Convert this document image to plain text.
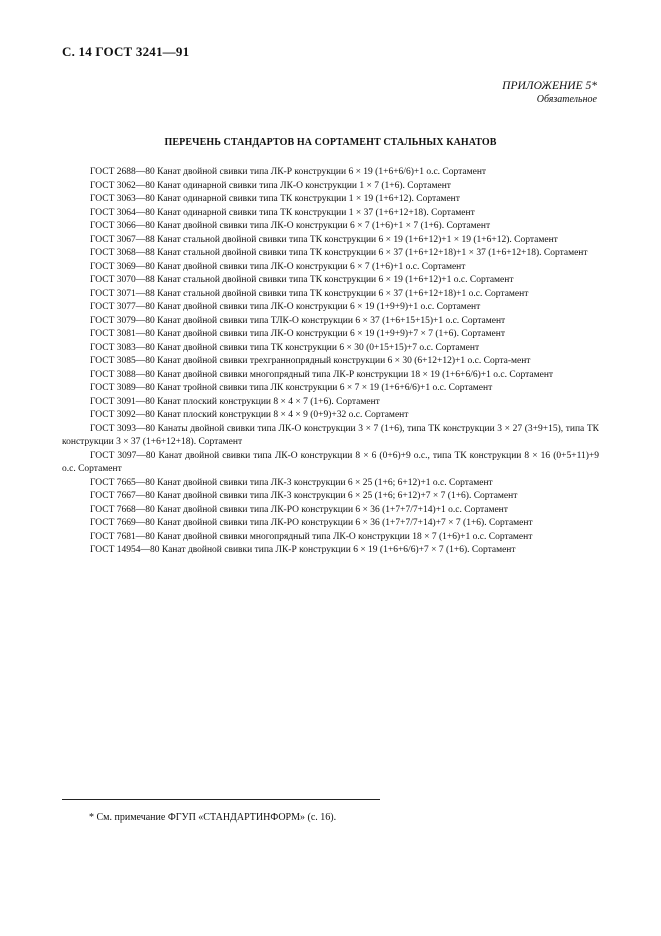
С. 14 ГОСТ 3241—91
ПРИЛОЖЕНИЕ 5*
Обязательное
ПЕРЕЧЕНЬ СТАНДАРТОВ НА СОРТАМЕНТ СТАЛЬНЫХ КАНАТОВ
ГОСТ 2688—80 Канат двойной свивки типа ЛК-Р конструкции 6 × 19 (1+6+6/6)+1 о.с. Сортамент
ГОСТ 3062—80 Канат одинарной свивки типа ЛК-О конструкции 1 × 7 (1+6). Сортамент
ГОСТ 3063—80 Канат одинарной свивки типа ТК конструкции 1 × 19 (1+6+12). Сортамент
ГОСТ 3064—80 Канат одинарной свивки типа ТК конструкции 1 × 37 (1+6+12+18). Сортамент
ГОСТ 3066—80 Канат двойной свивки типа ЛК-О конструкции 6 × 7 (1+6)+1 × 7 (1+6). Сортамент
ГОСТ 3067—88 Канат стальной двойной свивки типа ТК конструкции 6 × 19 (1+6+12)+1 × 19 (1+6+12). Сортамент
ГОСТ 3068—88 Канат стальной двойной свивки типа ТК конструкции 6 × 37 (1+6+12+18)+1 × 37 (1+6+12+18). Сортамент
ГОСТ 3069—80 Канат двойной свивки типа ЛК-О конструкции 6 × 7 (1+6)+1 о.с. Сортамент
ГОСТ 3070—88 Канат стальной двойной свивки типа ТК конструкции 6 × 19 (1+6+12)+1 о.с. Сортамент
ГОСТ 3071—88 Канат стальной двойной свивки типа ТК конструкции 6 × 37 (1+6+12+18)+1 о.с. Сортамент
ГОСТ 3077—80 Канат двойной свивки типа ЛК-О конструкции 6 × 19 (1+9+9)+1 о.с. Сортамент
ГОСТ 3079—80 Канат двойной свивки типа ТЛК-О конструкции 6 × 37 (1+6+15+15)+1 о.с. Сортамент
ГОСТ 3081—80 Канат двойной свивки типа ЛК-О конструкции 6 × 19 (1+9+9)+7 × 7 (1+6). Сортамент
ГОСТ 3083—80 Канат двойной свивки типа ТК конструкции 6 × 30 (0+15+15)+7 о.с. Сортамент
ГОСТ 3085—80 Канат двойной свивки трехграннопрядный конструкции 6 × 30 (6+12+12)+1 о.с. Сорта-мент
ГОСТ 3088—80 Канат двойной свивки многопрядный типа ЛК-Р конструкции 18 × 19 (1+6+6/6)+1 о.с. Сортамент
ГОСТ 3089—80 Канат тройной свивки типа ЛК конструкции 6 × 7 × 19 (1+6+6/6)+1 о.с. Сортамент
ГОСТ 3091—80 Канат плоский конструкции 8 × 4 × 7 (1+6). Сортамент
ГОСТ 3092—80 Канат плоский конструкции 8 × 4 × 9 (0+9)+32 о.с. Сортамент
ГОСТ 3093—80 Канаты двойной свивки типа ЛК-О конструкции 3 × 7 (1+6), типа ТК конструкции 3 × 27 (3+9+15), типа ТК конструкции 3 × 37 (1+6+12+18). Сортамент
ГОСТ 3097—80 Канат двойной свивки типа ЛК-О конструкции 8 × 6 (0+6)+9 о.с., типа ТК конструкции 8 × 16 (0+5+11)+9 о.с. Сортамент
ГОСТ 7665—80 Канат двойной свивки типа ЛК-3 конструкции 6 × 25 (1+6; 6+12)+1 о.с. Сортамент
ГОСТ 7667—80 Канат двойной свивки типа ЛК-3 конструкции 6 × 25 (1+6; 6+12)+7 × 7 (1+6). Сортамент
ГОСТ 7668—80 Канат двойной свивки типа ЛК-РО конструкции 6 × 36 (1+7+7/7+14)+1 о.с. Сортамент
ГОСТ 7669—80 Канат двойной свивки типа ЛК-РО конструкции 6 × 36 (1+7+7/7+14)+7 × 7 (1+6). Сортамент
ГОСТ 7681—80 Канат двойной свивки многопрядный типа ЛК-О конструкции 18 × 7 (1+6)+1 о.с. Сортамент
ГОСТ 14954—80 Канат двойной свивки типа ЛК-Р конструкции 6 × 19 (1+6+6/6)+7 × 7 (1+6). Сортамент
* См. примечание ФГУП «СТАНДАРТИНФОРМ» (с. 16).
